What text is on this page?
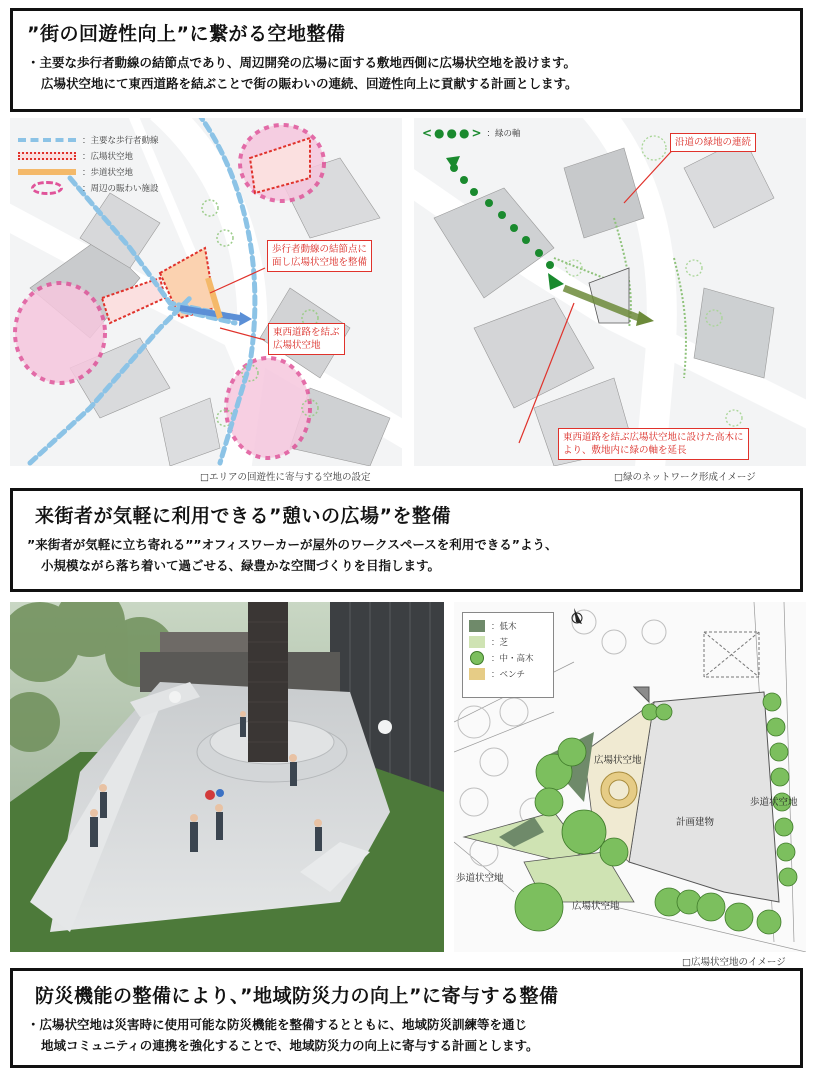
”街の回遊性向上”に繋がる空地整備

・主要な歩行者動線の結節点であり、周辺開発の広場に面する敷地西側に広場状空地を設けます。

広場状空地にて東西道路を結ぶことで街の賑わいの連続、回遊性向上に貢献する計画とします。

：主要な歩行者動線
：広場状空地
：歩道状空地
：周辺の賑わい施設
歩行者動線の結節点に
面し広場状空地を整備
東西道路を結ぶ
広場状空地
□エリアの回遊性に寄与する空地の設定
<●●●> ：緑の軸
沿道の緑地の連続
東西道路を結ぶ広場状空地に設けた高木に
より、敷地内に緑の軸を延長
□緑のネットワーク形成イメージ
来街者が気軽に利用できる”憩いの広場”を整備

”来街者が気軽に立ち寄れる””オフィスワーカーが屋外のワークスペースを利用できる”よう、

小規模ながら落ち着いて過ごせる、緑豊かな空間づくりを目指します。

：低木
：芝
：中・高木
：ベンチ
広場状空地
計画建物
歩道状空地
歩道状空地
広場状空地
□広場状空地のイメージ
防災機能の整備により、”地域防災力の向上”に寄与する整備

・広場状空地は災害時に使用可能な防災機能を整備するとともに、地域防災訓練等を通じ

地域コミュニティの連携を強化することで、地域防災力の向上に寄与する計画とします。
